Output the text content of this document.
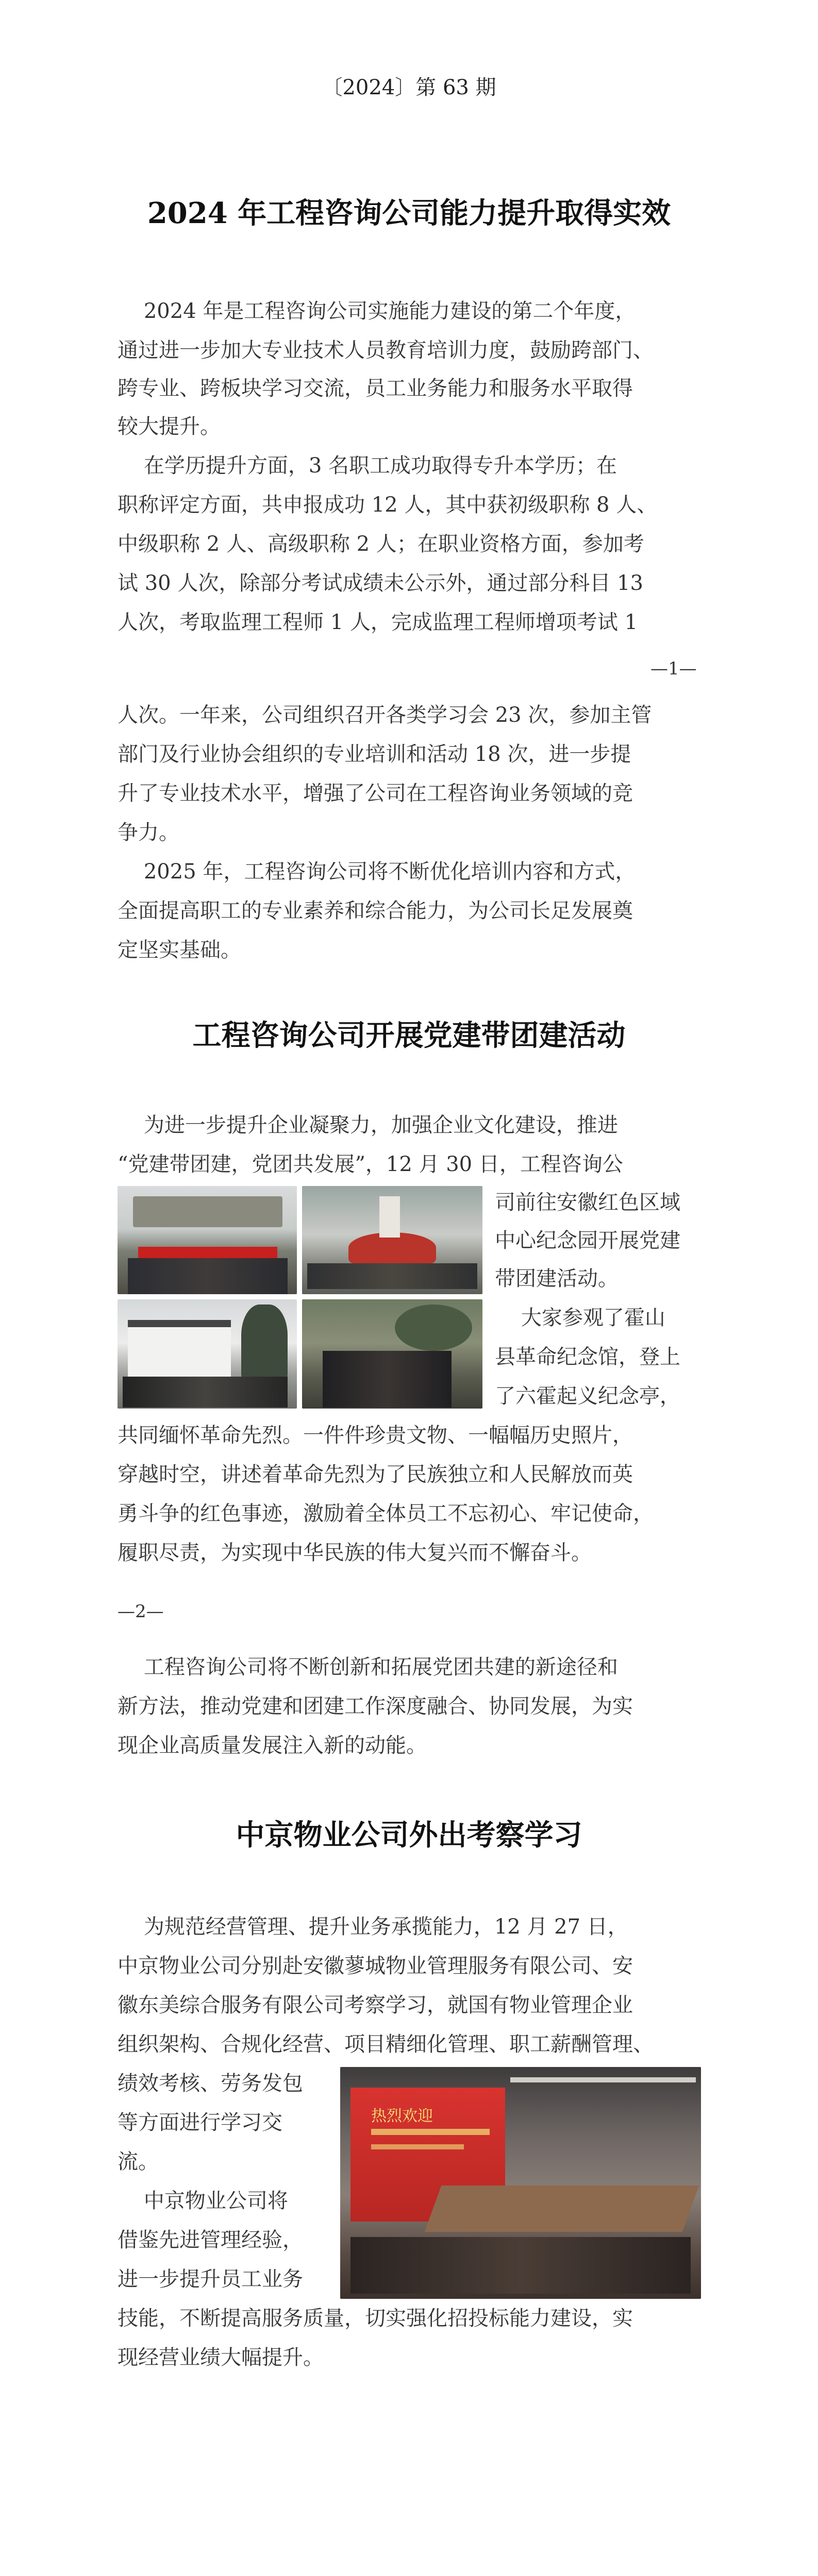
〔2024〕第 63 期
2024 年工程咨询公司能力提升取得实效
2024 年是工程咨询公司实施能力建设的第二个年度，
通过进一步加大专业技术人员教育培训力度，鼓励跨部门、
跨专业、跨板块学习交流，员工业务能力和服务水平取得
较大提升。
在学历提升方面，3 名职工成功取得专升本学历；在
职称评定方面，共申报成功 12 人，其中获初级职称 8 人、
中级职称 2 人、高级职称 2 人；在职业资格方面，参加考
试 30 人次，除部分考试成绩未公示外，通过部分科目 13
人次，考取监理工程师 1 人，完成监理工程师增项考试 1
—1—
人次。一年来，公司组织召开各类学习会 23 次，参加主管
部门及行业协会组织的专业培训和活动 18 次，进一步提
升了专业技术水平，增强了公司在工程咨询业务领域的竞
争力。
2025 年，工程咨询公司将不断优化培训内容和方式，
全面提高职工的专业素养和综合能力，为公司长足发展奠
定坚实基础。
工程咨询公司开展党建带团建活动
为进一步提升企业凝聚力，加强企业文化建设，推进
“党建带团建，党团共发展”，12 月 30 日，工程咨询公
司前往安徽红色区域
中心纪念园开展党建
带团建活动。
大家参观了霍山
县革命纪念馆，登上
了六霍起义纪念亭，
共同缅怀革命先烈。一件件珍贵文物、一幅幅历史照片，
穿越时空，讲述着革命先烈为了民族独立和人民解放而英
勇斗争的红色事迹，激励着全体员工不忘初心、牢记使命，
履职尽责，为实现中华民族的伟大复兴而不懈奋斗。
—2—
工程咨询公司将不断创新和拓展党团共建的新途径和
新方法，推动党建和团建工作深度融合、协同发展，为实
现企业高质量发展注入新的动能。
中京物业公司外出考察学习
为规范经营管理、提升业务承揽能力，12 月 27 日，
中京物业公司分别赴安徽蓼城物业管理服务有限公司、安
徽东美综合服务有限公司考察学习，就国有物业管理企业
组织架构、合规化经营、项目精细化管理、职工薪酬管理、
绩效考核、劳务发包
等方面进行学习交
流。
中京物业公司将
借鉴先进管理经验，
进一步提升员工业务
热烈欢迎
技能，不断提高服务质量，切实强化招投标能力建设，实
现经营业绩大幅提升。
